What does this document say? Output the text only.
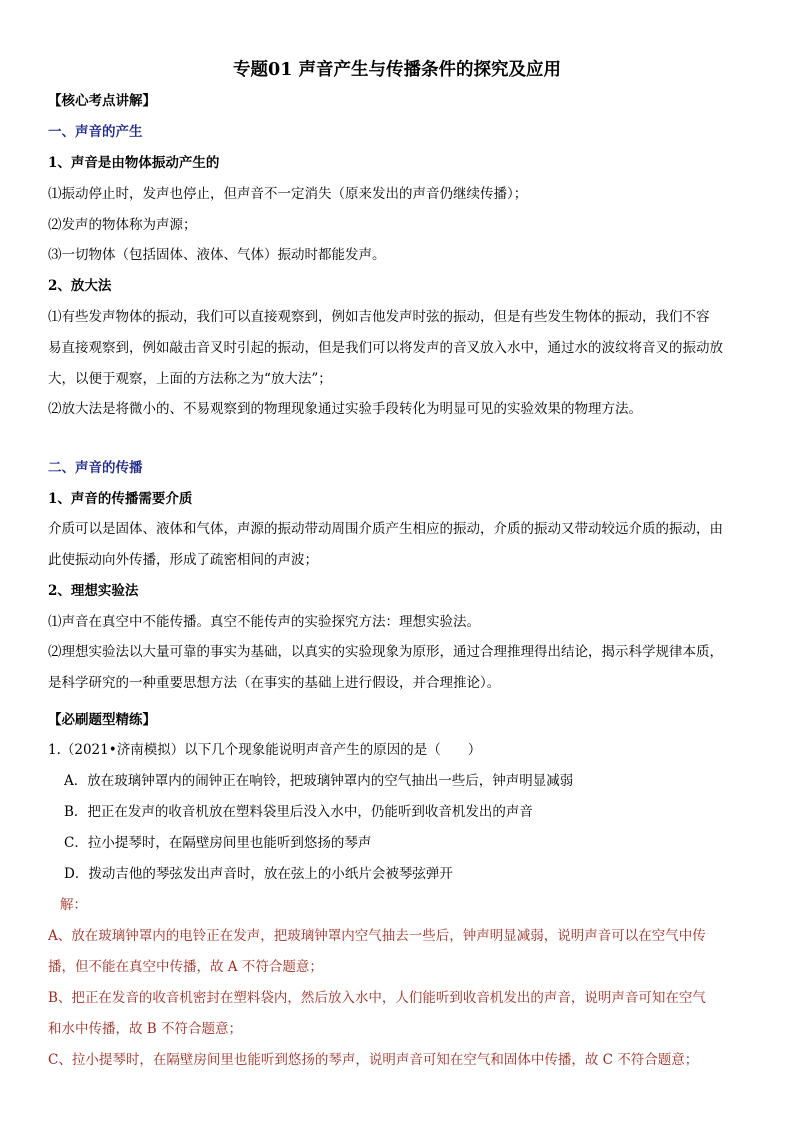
专题01 声音产生与传播条件的探究及应用
【核心考点讲解】
一、声音的产生
1、声音是由物体振动产生的
⑴振动停止时，发声也停止，但声音不一定消失（原来发出的声音仍继续传播）；
⑵发声的物体称为声源；
⑶一切物体（包括固体、液体、气体）振动时都能发声。
2、放大法
⑴有些发声物体的振动，我们可以直接观察到，例如吉他发声时弦的振动，但是有些发生物体的振动，我们不容
易直接观察到，例如敲击音叉时引起的振动，但是我们可以将发声的音叉放入水中，通过水的波纹将音叉的振动放
大，以便于观察，上面的方法称之为“放大法”；
⑵放大法是将微小的、不易观察到的物理现象通过实验手段转化为明显可见的实验效果的物理方法。
二、声音的传播
1、声音的传播需要介质
介质可以是固体、液体和气体，声源的振动带动周围介质产生相应的振动，介质的振动又带动较远介质的振动，由
此使振动向外传播，形成了疏密相间的声波；
2、理想实验法
⑴声音在真空中不能传播。真空不能传声的实验探究方法：理想实验法。
⑵理想实验法以大量可靠的事实为基础，以真实的实验现象为原形，通过合理推理得出结论，揭示科学规律本质，
是科学研究的一种重要思想方法（在事实的基础上进行假设，并合理推论）。
【必刷题型精练】
1.（2021•济南模拟）以下几个现象能说明声音产生的原因的是（　　）
A．放在玻璃钟罩内的闹钟正在响铃，把玻璃钟罩内的空气抽出一些后，钟声明显减弱
B．把正在发声的收音机放在塑料袋里后没入水中，仍能听到收音机发出的声音
C．拉小提琴时，在隔壁房间里也能听到悠扬的琴声
D．拨动吉他的琴弦发出声音时，放在弦上的小纸片会被琴弦弹开
解：
A、放在玻璃钟罩内的电铃正在发声，把玻璃钟罩内空气抽去一些后，钟声明显减弱，说明声音可以在空气中传
播，但不能在真空中传播，故 A 不符合题意；
B、把正在发音的收音机密封在塑料袋内，然后放入水中，人们能听到收音机发出的声音，说明声音可知在空气
和水中传播，故 B 不符合题意；
C、拉小提琴时，在隔壁房间里也能听到悠扬的琴声，说明声音可知在空气和固体中传播，故 C 不符合题意；
